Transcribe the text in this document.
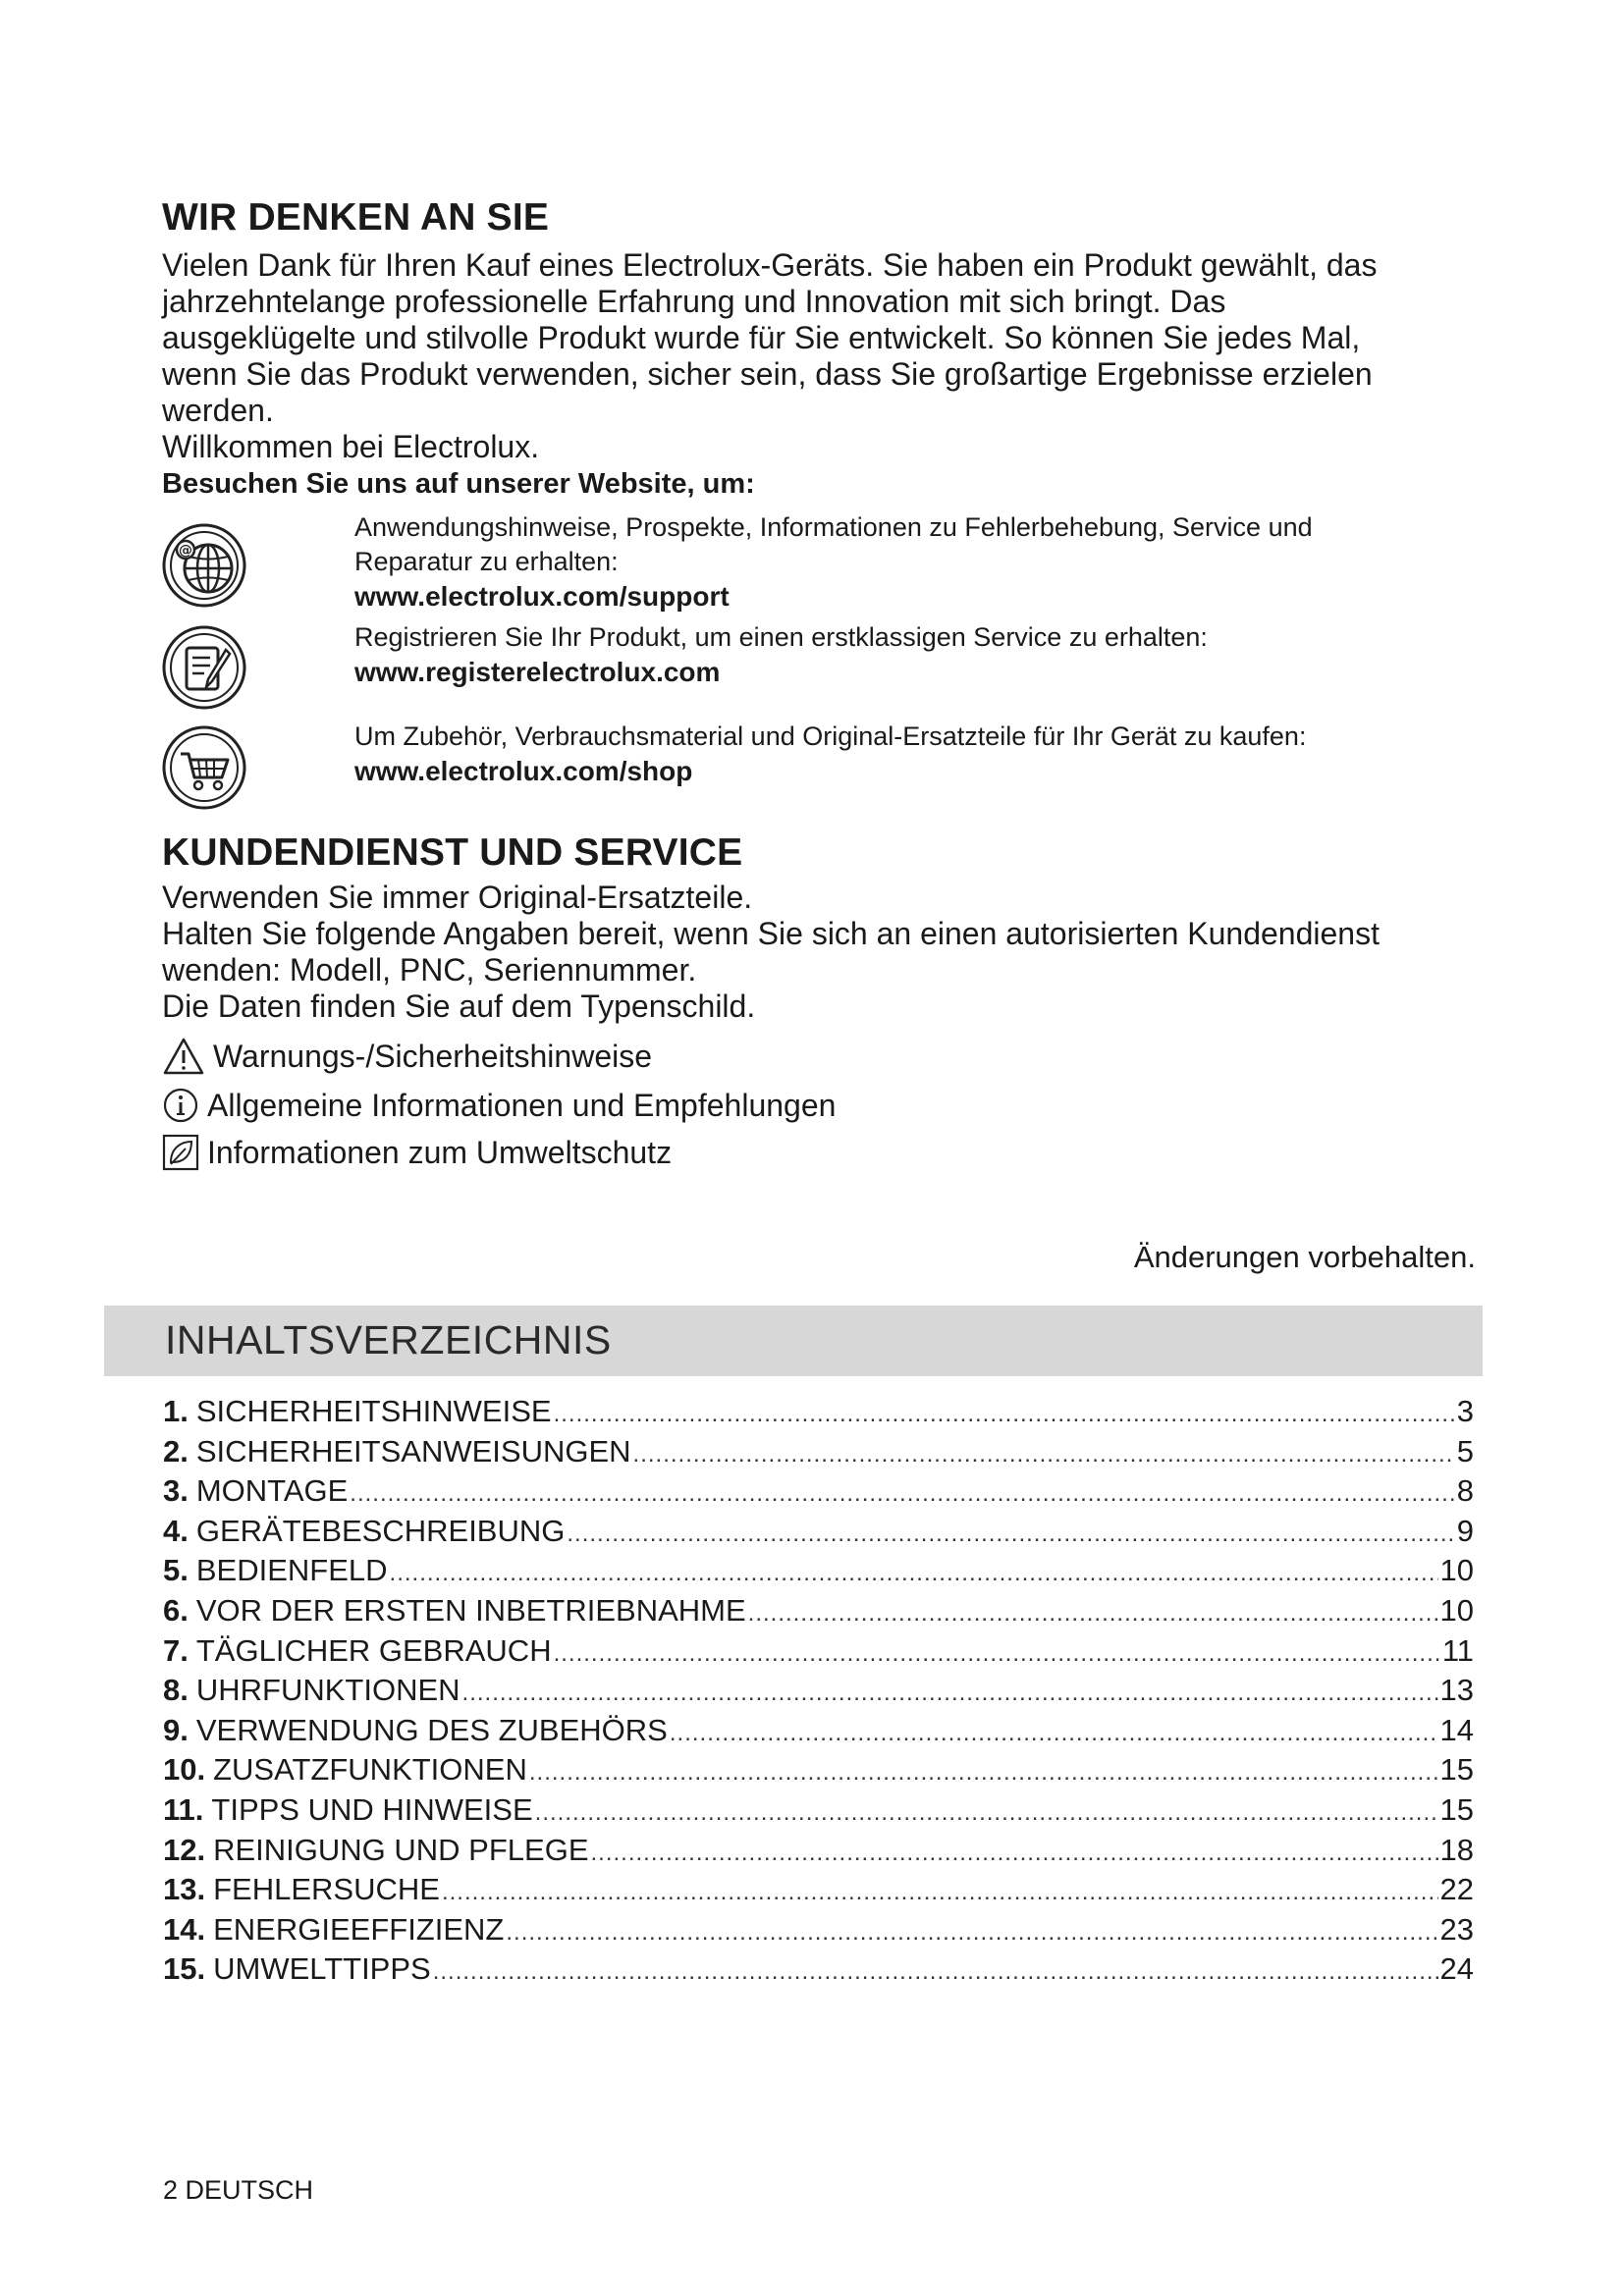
WIR DENKEN AN SIE
Vielen Dank für Ihren Kauf eines Electrolux-Geräts. Sie haben ein Produkt gewählt, das
jahrzehntelange professionelle Erfahrung und Innovation mit sich bringt. Das
ausgeklügelte und stilvolle Produkt wurde für Sie entwickelt. So können Sie jedes Mal,
wenn Sie das Produkt verwenden, sicher sein, dass Sie großartige Ergebnisse erzielen
werden.
Willkommen bei Electrolux.
Besuchen Sie uns auf unserer Website, um:
@
Anwendungshinweise, Prospekte, Informationen zu Fehlerbehebung, Service und
Reparatur zu erhalten:
www.electrolux.com/support
Registrieren Sie Ihr Produkt, um einen erstklassigen Service zu erhalten:
www.registerelectrolux.com
Um Zubehör, Verbrauchsmaterial und Original-Ersatzteile für Ihr Gerät zu kaufen:
www.electrolux.com/shop
KUNDENDIENST UND SERVICE
Verwenden Sie immer Original-Ersatzteile.
Halten Sie folgende Angaben bereit, wenn Sie sich an einen autorisierten Kundendienst
wenden: Modell, PNC, Seriennummer.
Die Daten finden Sie auf dem Typenschild.
Warnungs-/Sicherheitshinweise
Allgemeine Informationen und Empfehlungen
Informationen zum Umweltschutz
Änderungen vorbehalten.
INHALTSVERZEICHNIS
1. SICHERHEITSHINWEISE .....	3
2. SICHERHEITSANWEISUNGEN .....	5
3. MONTAGE .....	8
4. GERÄTEBESCHREIBUNG .....	9
5. BEDIENFELD .....	10
6. VOR DER ERSTEN INBETRIEBNAHME .....	10
7. TÄGLICHER GEBRAUCH .....	11
8. UHRFUNKTIONEN .....	13
9. VERWENDUNG DES ZUBEHÖRS .....	14
10. ZUSATZFUNKTIONEN .....	15
11. TIPPS UND HINWEISE .....	15
12. REINIGUNG UND PFLEGE .....	18
13. FEHLERSUCHE .....	22
14. ENERGIEEFFIZIENZ .....	23
15. UMWELTTIPPS .....	24
2 DEUTSCH
